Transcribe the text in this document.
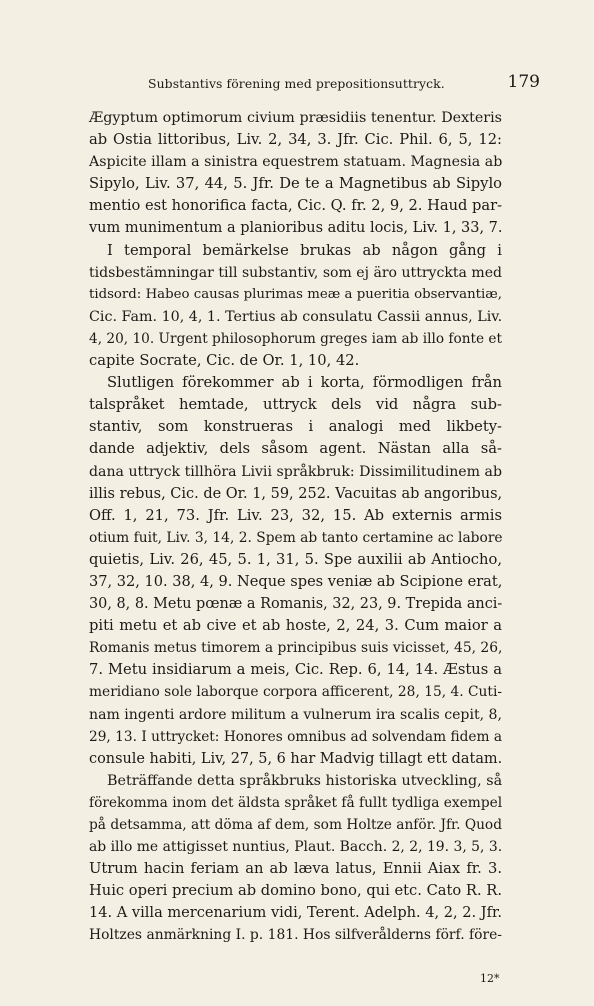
Substantivs förening med prepositionsuttryck.	179
Ægyptum optimorum civium præsidiis tenentur. Dexteris
ab Ostia littoribus, Liv. 2, 34, 3. Jfr. Cic. Phil. 6, 5, 12:
Aspicite illam a sinistra equestrem statuam. Magnesia ab
Sipylo, Liv. 37, 44, 5. Jfr. De te a Magnetibus ab Sipylo
mentio est honorifica facta, Cic. Q. fr. 2, 9, 2. Haud par-
vum munimentum a planioribus aditu locis, Liv. 1, 33, 7.
I temporal bemärkelse brukas ab någon gång i
tidsbestämningar till substantiv, som ej äro uttryckta med
tidsord: Habeo causas plurimas meæ a pueritia observantiæ,
Cic. Fam. 10, 4, 1. Tertius ab consulatu Cassii annus, Liv.
4, 20, 10. Urgent philosophorum greges iam ab illo fonte et
capite Socrate, Cic. de Or. 1, 10, 42.
Slutligen förekommer ab i korta, förmodligen från
talspråket hemtade, uttryck dels vid några sub-
stantiv, som konstrueras i analogi med likbety-
dande adjektiv, dels såsom agent. Nästan alla så-
dana uttryck tillhöra Livii språkbruk: Dissimilitudinem ab
illis rebus, Cic. de Or. 1, 59, 252. Vacuitas ab angoribus,
Off. 1, 21, 73. Jfr. Liv. 23, 32, 15. Ab externis armis
otium fuit, Liv. 3, 14, 2. Spem ab tanto certamine ac labore
quietis, Liv. 26, 45, 5. 1, 31, 5. Spe auxilii ab Antiocho,
37, 32, 10. 38, 4, 9. Neque spes veniæ ab Scipione erat,
30, 8, 8. Metu pœnæ a Romanis, 32, 23, 9. Trepida anci-
piti metu et ab cive et ab hoste, 2, 24, 3. Cum maior a
Romanis metus timorem a principibus suis vicisset, 45, 26,
7. Metu insidiarum a meis, Cic. Rep. 6, 14, 14. Æstus a
meridiano sole laborque corpora afficerent, 28, 15, 4. Cuti-
nam ingenti ardore militum a vulnerum ira scalis cepit, 8,
29, 13. I uttrycket: Honores omnibus ad solvendam fidem a
consule habiti, Liv, 27, 5, 6 har Madvig tillagt ett datam.
Beträffande detta språkbruks historiska utveckling, så
förekomma inom det äldsta språket få fullt tydliga exempel
på detsamma, att döma af dem, som Holtze anför. Jfr. Quod
ab illo me attigisset nuntius, Plaut. Bacch. 2, 2, 19. 3, 5, 3.
Utrum hacin feriam an ab læva latus, Ennii Aiax fr. 3.
Huic operi precium ab domino bono, qui etc. Cato R. R.
14. A villa mercenarium vidi, Terent. Adelph. 4, 2, 2. Jfr.
Holtzes anmärkning I. p. 181. Hos silfverålderns förf. före-
12*
